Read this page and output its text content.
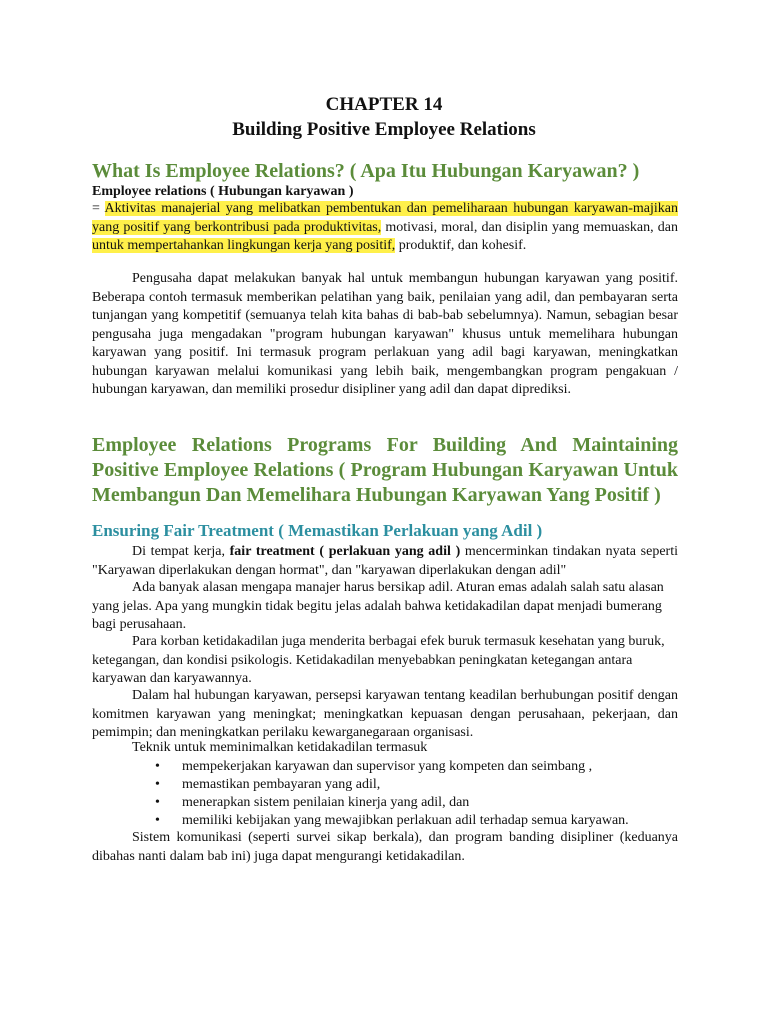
CHAPTER 14
Building Positive Employee Relations
What Is Employee Relations? ( Apa Itu Hubungan Karyawan? )
Employee relations ( Hubungan karyawan )
= Aktivitas manajerial yang melibatkan pembentukan dan pemeliharaan hubungan karyawan-majikan yang positif yang berkontribusi pada produktivitas, motivasi, moral, dan disiplin yang memuaskan, dan untuk mempertahankan lingkungan kerja yang positif, produktif, dan kohesif.
Pengusaha dapat melakukan banyak hal untuk membangun hubungan karyawan yang positif. Beberapa contoh termasuk memberikan pelatihan yang baik, penilaian yang adil, dan pembayaran serta tunjangan yang kompetitif (semuanya telah kita bahas di bab-bab sebelumnya). Namun, sebagian besar pengusaha juga mengadakan "program hubungan karyawan" khusus untuk memelihara hubungan karyawan yang positif. Ini termasuk program perlakuan yang adil bagi karyawan, meningkatkan hubungan karyawan melalui komunikasi yang lebih baik, mengembangkan program pengakuan / hubungan karyawan, dan memiliki prosedur disipliner yang adil dan dapat diprediksi.
Employee Relations Programs For Building And Maintaining
Positive Employee Relations ( Program Hubungan Karyawan Untuk
Membangun Dan Memelihara Hubungan Karyawan Yang Positif )
Ensuring Fair Treatment ( Memastikan Perlakuan yang Adil )
Di tempat kerja, fair treatment ( perlakuan yang adil ) mencerminkan tindakan nyata seperti "Karyawan diperlakukan dengan hormat", dan "karyawan diperlakukan dengan adil"
Ada banyak alasan mengapa manajer harus bersikap adil. Aturan emas adalah salah satu alasan yang jelas. Apa yang mungkin tidak begitu jelas adalah bahwa ketidakadilan dapat menjadi bumerang bagi perusahaan.
Para korban ketidakadilan juga menderita berbagai efek buruk termasuk kesehatan yang buruk, ketegangan, dan kondisi psikologis. Ketidakadilan menyebabkan peningkatan ketegangan antara karyawan dan karyawannya.
Dalam hal hubungan karyawan, persepsi karyawan tentang keadilan berhubungan positif dengan komitmen karyawan yang meningkat; meningkatkan kepuasan dengan perusahaan, pekerjaan, dan pemimpin; dan meningkatkan perilaku kewarganegaraan organisasi.
Teknik untuk meminimalkan ketidakadilan termasuk
• mempekerjakan karyawan dan supervisor yang kompeten dan seimbang ,
• memastikan pembayaran yang adil,
• menerapkan sistem penilaian kinerja yang adil, dan
• memiliki kebijakan yang mewajibkan perlakuan adil terhadap semua karyawan.
Sistem komunikasi (seperti survei sikap berkala), dan program banding disipliner (keduanya dibahas nanti dalam bab ini) juga dapat mengurangi ketidakadilan.
